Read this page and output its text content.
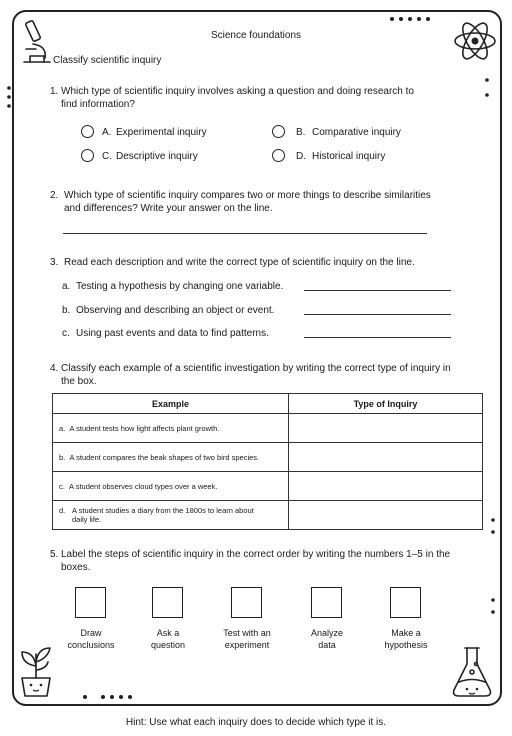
Science foundations
Classify scientific inquiry
1. Which type of scientific inquiry involves asking a question and doing research to find information?
A. Experimental inquiry	B. Comparative inquiry
C. Descriptive inquiry	D. Historical inquiry
2. Which type of scientific inquiry compares two or more things to describe similarities and differences? Write your answer on the line.
3. Read each description and write the correct type of scientific inquiry on the line.
a. Testing a hypothesis by changing one variable.
b. Observing and describing an object or event.
c. Using past events and data to find patterns.
4. Classify each example of a scientific investigation by writing the correct type of inquiry in the box.
Example	Type of Inquiry
a. A student tests how light affects plant growth.	
b. A student compares the beak shapes of two bird species.	
c. A student observes cloud types over a week.	

d. A student studies a diary from the 1800s to learn about daily life.	

5. Label the steps of scientific inquiry in the correct order by writing the numbers 1–5 in the boxes.
Draw conclusions
Ask a question
Test with an experiment
Analyze data
Make a hypothesis
Hint: Use what each inquiry does to decide which type it is.
